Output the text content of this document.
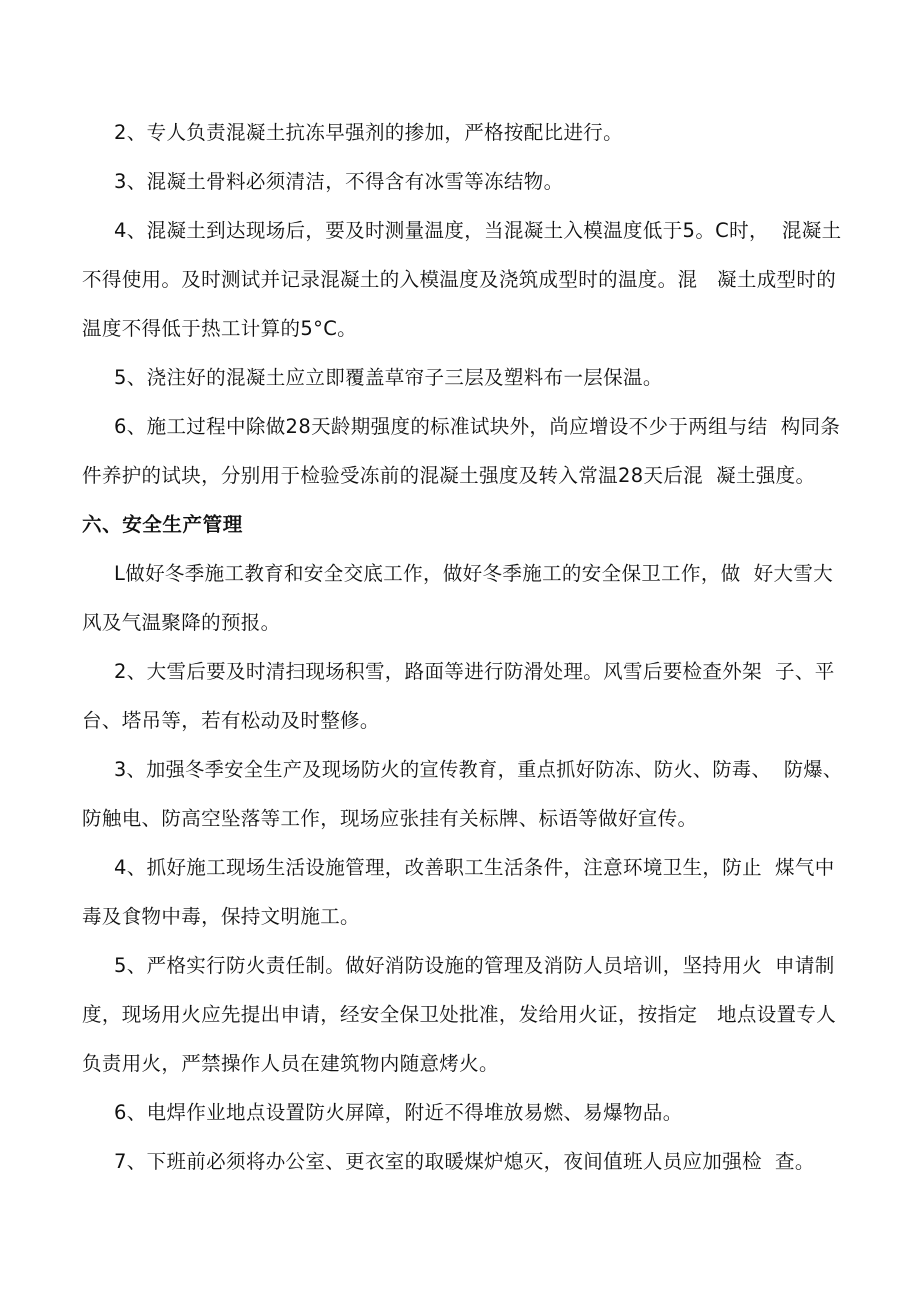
2、专人负责混凝土抗冻早强剂的掺加，严格按配比进行。
3、混凝土骨料必须清洁，不得含有冰雪等冻结物。
4、混凝土到达现场后，要及时测量温度，当混凝土入模温度低于5。C时，  混凝土
不得使用。及时测试并记录混凝土的入模温度及浇筑成型时的温度。混   凝土成型时的
温度不得低于热工计算的5°C。
5、浇注好的混凝土应立即覆盖草帘子三层及塑料布一层保温。
6、施工过程中除做28天龄期强度的标准试块外，尚应增设不少于两组与结  构同条
件养护的试块，分别用于检验受冻前的混凝土强度及转入常温28天后混  凝土强度。
六、安全生产管理
L做好冬季施工教育和安全交底工作，做好冬季施工的安全保卫工作，做  好大雪大
风及气温聚降的预报。
2、大雪后要及时清扫现场积雪，路面等进行防滑处理。风雪后要检查外架  子、平
台、塔吊等，若有松动及时整修。
3、加强冬季安全生产及现场防火的宣传教育，重点抓好防冻、防火、防毒、  防爆、
防触电、防高空坠落等工作，现场应张挂有关标牌、标语等做好宣传。
4、抓好施工现场生活设施管理，改善职工生活条件，注意环境卫生，防止  煤气中
毒及食物中毒，保持文明施工。
5、严格实行防火责任制。做好消防设施的管理及消防人员培训，坚持用火  申请制
度，现场用火应先提出申请，经安全保卫处批准，发给用火证，按指定   地点设置专人
负责用火，严禁操作人员在建筑物内随意烤火。
6、电焊作业地点设置防火屏障，附近不得堆放易燃、易爆物品。
7、下班前必须将办公室、更衣室的取暖煤炉熄灭，夜间值班人员应加强检  查。
